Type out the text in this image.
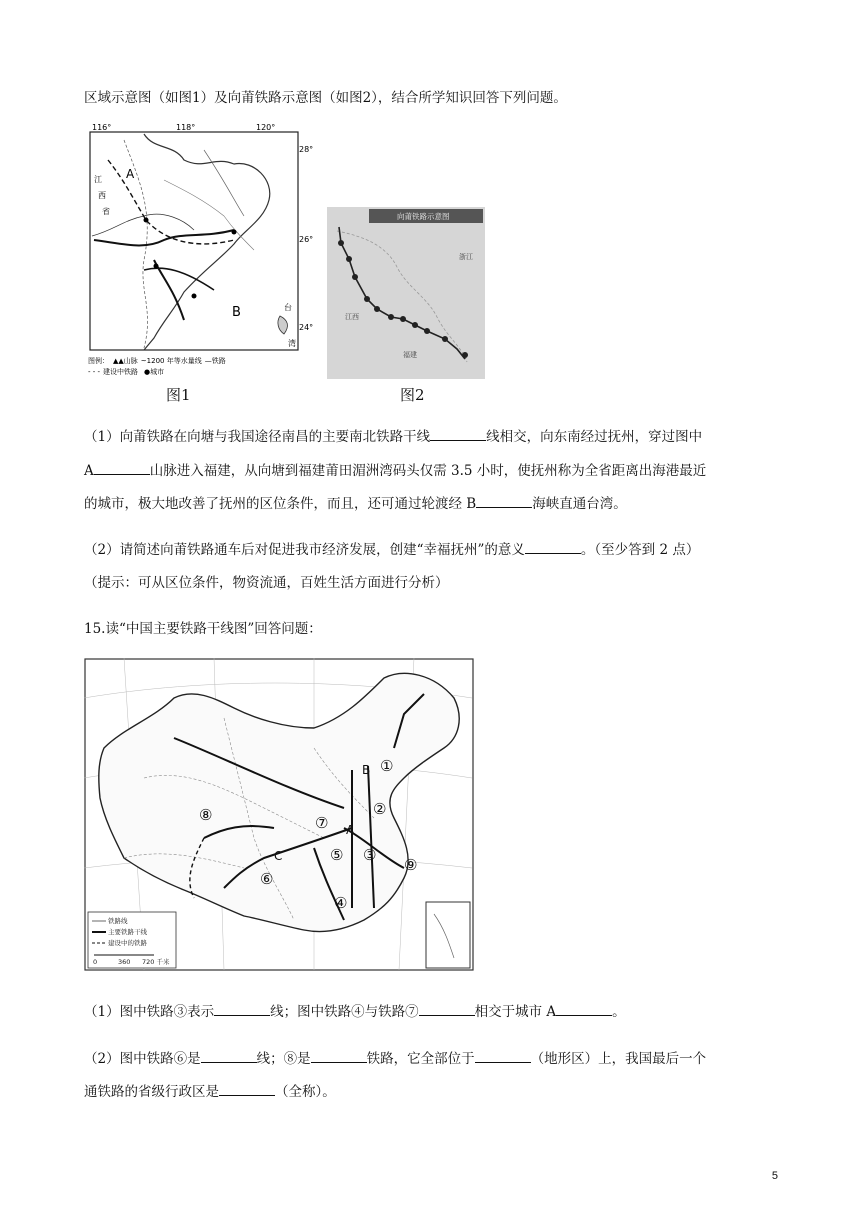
区域示意图（如图1）及向莆铁路示意图（如图2），结合所学知识回答下列问题。
116°	118°	120°
28°
26°
24°
A
B
江
西
省
台
湾
图例： ▲▲山脉 ~1200 年等水量线 —铁路
- - - 建设中铁路 ●城市
图1
向莆铁路示意图
浙江
江西
福建
图2
（1）向莆铁路在向塘与我国途径南昌的主要南北铁路干线	线相交，向东南经过抚州，穿过图中
A	山脉进入福建，从向塘到福建莆田湄洲湾码头仅需 3.5 小时，使抚州称为全省距离出海港最近
的城市，极大地改善了抚州的区位条件，而且，还可通过轮渡经 B	海峡直通台湾。
（2）请简述向莆铁路通车后对促进我市经济发展，创建“幸福抚州”的意义	。（至少答到 2 点）
（提示：可从区位条件，物资流通，百姓生活方面进行分析）
15.读“中国主要铁路干线图”回答问题：
①
②
③
④
⑤
⑥
⑦
⑧
⑨
A
B
C
铁路线
主要铁路干线
建设中的铁路
0	360 720 千米
（1）图中铁路③表示	线；图中铁路④与铁路⑦	相交于城市 A	。
（2）图中铁路⑥是	线；⑧是	铁路，它全部位于	（地形区）上，我国最后一个
通铁路的省级行政区是	（全称）。
5
